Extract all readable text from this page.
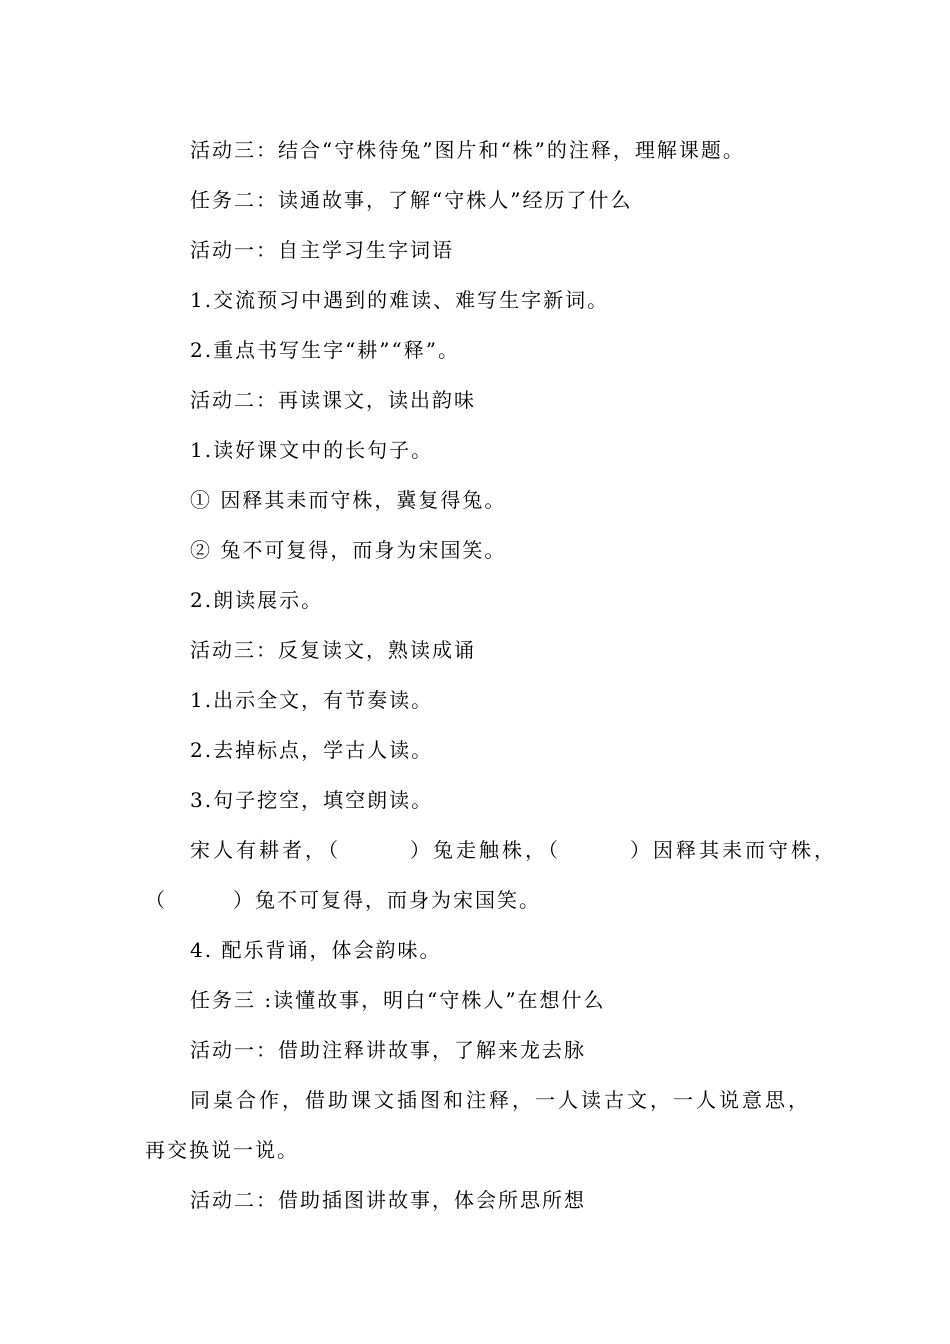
活动三：结合“守株待兔”图片和“株”的注释，理解课题。
任务二：读通故事，了解“守株人”经历了什么
活动一：自主学习生字词语
1.交流预习中遇到的难读、难写生字新词。
2.重点书写生字“耕”“释”。
活动二：再读课文，读出韵味
1.读好课文中的长句子。
① 因释其耒而守株，冀复得兔。
② 兔不可复得，而身为宋国笑。
2.朗读展示。
活动三：反复读文，熟读成诵
1.出示全文，有节奏读。
2.去掉标点，学古人读。
3.句子挖空，填空朗读。
宋人有耕者，（　　　）兔走触株，（　　　）因释其耒而守株，
（　　　）兔不可复得，而身为宋国笑。
4. 配乐背诵，体会韵味。
任务三 :读懂故事，明白“守株人”在想什么
活动一：借助注释讲故事，了解来龙去脉
同桌合作，借助课文插图和注释，一人读古文，一人说意思，
再交换说一说。
活动二：借助插图讲故事，体会所思所想
